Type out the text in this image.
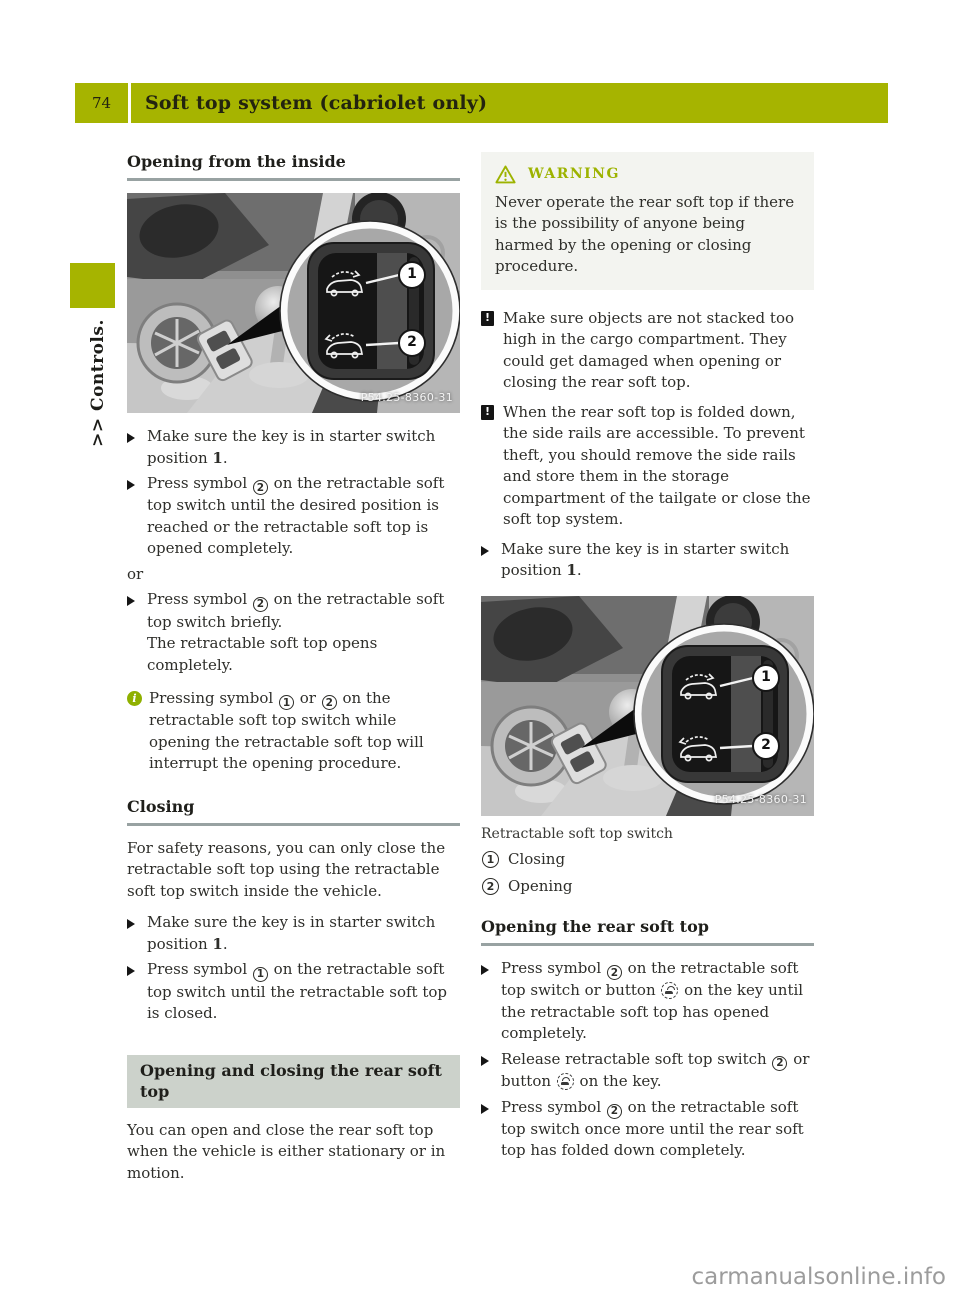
74	Soft top system (cabriolet only)
>> Controls.
Opening from the inside
1
2
P54.25-8360-31
Make sure the key is in starter switch position 1.
Press symbol 2 on the retractable soft top switch until the desired position is reached or the retractable soft top is opened completely.
or
Press symbol 2 on the retractable soft top switch briefly.
The retractable soft top opens completely.
i Pressing symbol 1 or 2 on the retractable soft top switch while opening the retractable soft top will interrupt the opening procedure.
Closing

For safety reasons, you can only close the retractable soft top using the retractable soft top switch inside the vehicle.

Make sure the key is in starter switch position 1.
Press symbol 1 on the retractable soft top switch until the retractable soft top is closed.
Opening and closing the rear soft top

You can open and close the rear soft top when the vehicle is either stationary or in motion.

WARNING
Never operate the rear soft top if there is the possibility of anyone being harmed by the opening or closing procedure.
! Make sure objects are not stacked too high in the cargo compartment. They could get damaged when opening or closing the rear soft top.
! When the rear soft top is folded down, the side rails are accessible. To prevent theft, you should remove the side rails and store them in the storage compartment of the tailgate or close the soft top system.
Make sure the key is in starter switch position 1.
1
2
P54.25-8360-31
Retractable soft top switch
1 Closing
2 Opening
Opening the rear soft top
Press symbol 2 on the retractable soft top switch or button  on the key until the retractable soft top has opened completely.
Release retractable soft top switch 2 or button  on the key.
Press symbol 2 on the retractable soft top switch once more until the rear soft top has folded down completely.
carmanualsonline.info
